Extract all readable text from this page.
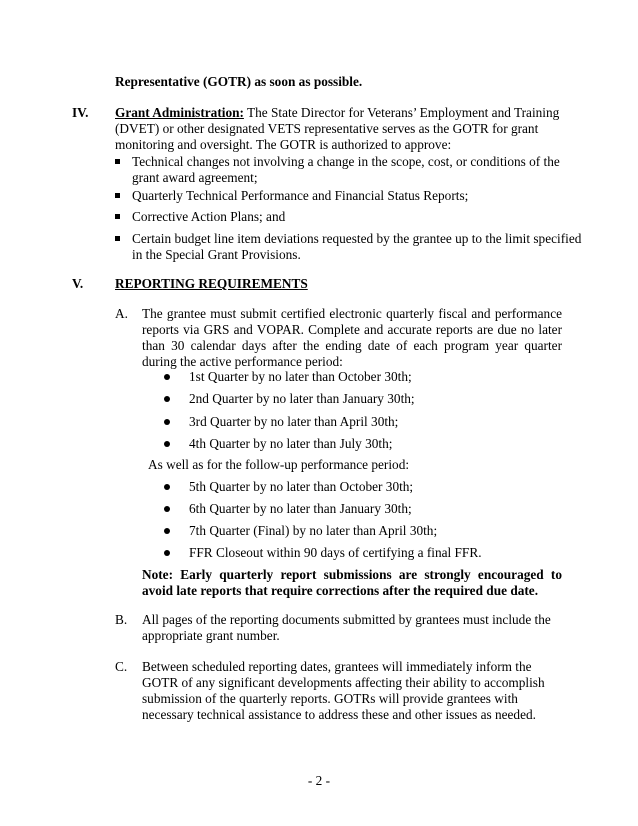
Representative (GOTR) as soon as possible.
IV. Grant Administration: The State Director for Veterans’ Employment and Training (DVET) or other designated VETS representative serves as the GOTR for grant monitoring and oversight. The GOTR is authorized to approve:
Technical changes not involving a change in the scope, cost, or conditions of the grant award agreement;
Quarterly Technical Performance and Financial Status Reports;
Corrective Action Plans; and
Certain budget line item deviations requested by the grantee up to the limit specified in the Special Grant Provisions.
V. REPORTING REQUIREMENTS
A. The grantee must submit certified electronic quarterly fiscal and performance reports via GRS and VOPAR. Complete and accurate reports are due no later than 30 calendar days after the ending date of each program year quarter during the active performance period:
1st Quarter by no later than October 30th;
2nd Quarter by no later than January 30th;
3rd Quarter by no later than April 30th;
4th Quarter by no later than July 30th;
As well as for the follow-up performance period:
5th Quarter by no later than October 30th;
6th Quarter by no later than January 30th;
7th Quarter (Final) by no later than April 30th;
FFR Closeout within 90 days of certifying a final FFR.
Note: Early quarterly report submissions are strongly encouraged to avoid late reports that require corrections after the required due date.
B. All pages of the reporting documents submitted by grantees must include the appropriate grant number.
C. Between scheduled reporting dates, grantees will immediately inform the GOTR of any significant developments affecting their ability to accomplish submission of the quarterly reports. GOTRs will provide grantees with necessary technical assistance to address these and other issues as needed.
- 2 -
